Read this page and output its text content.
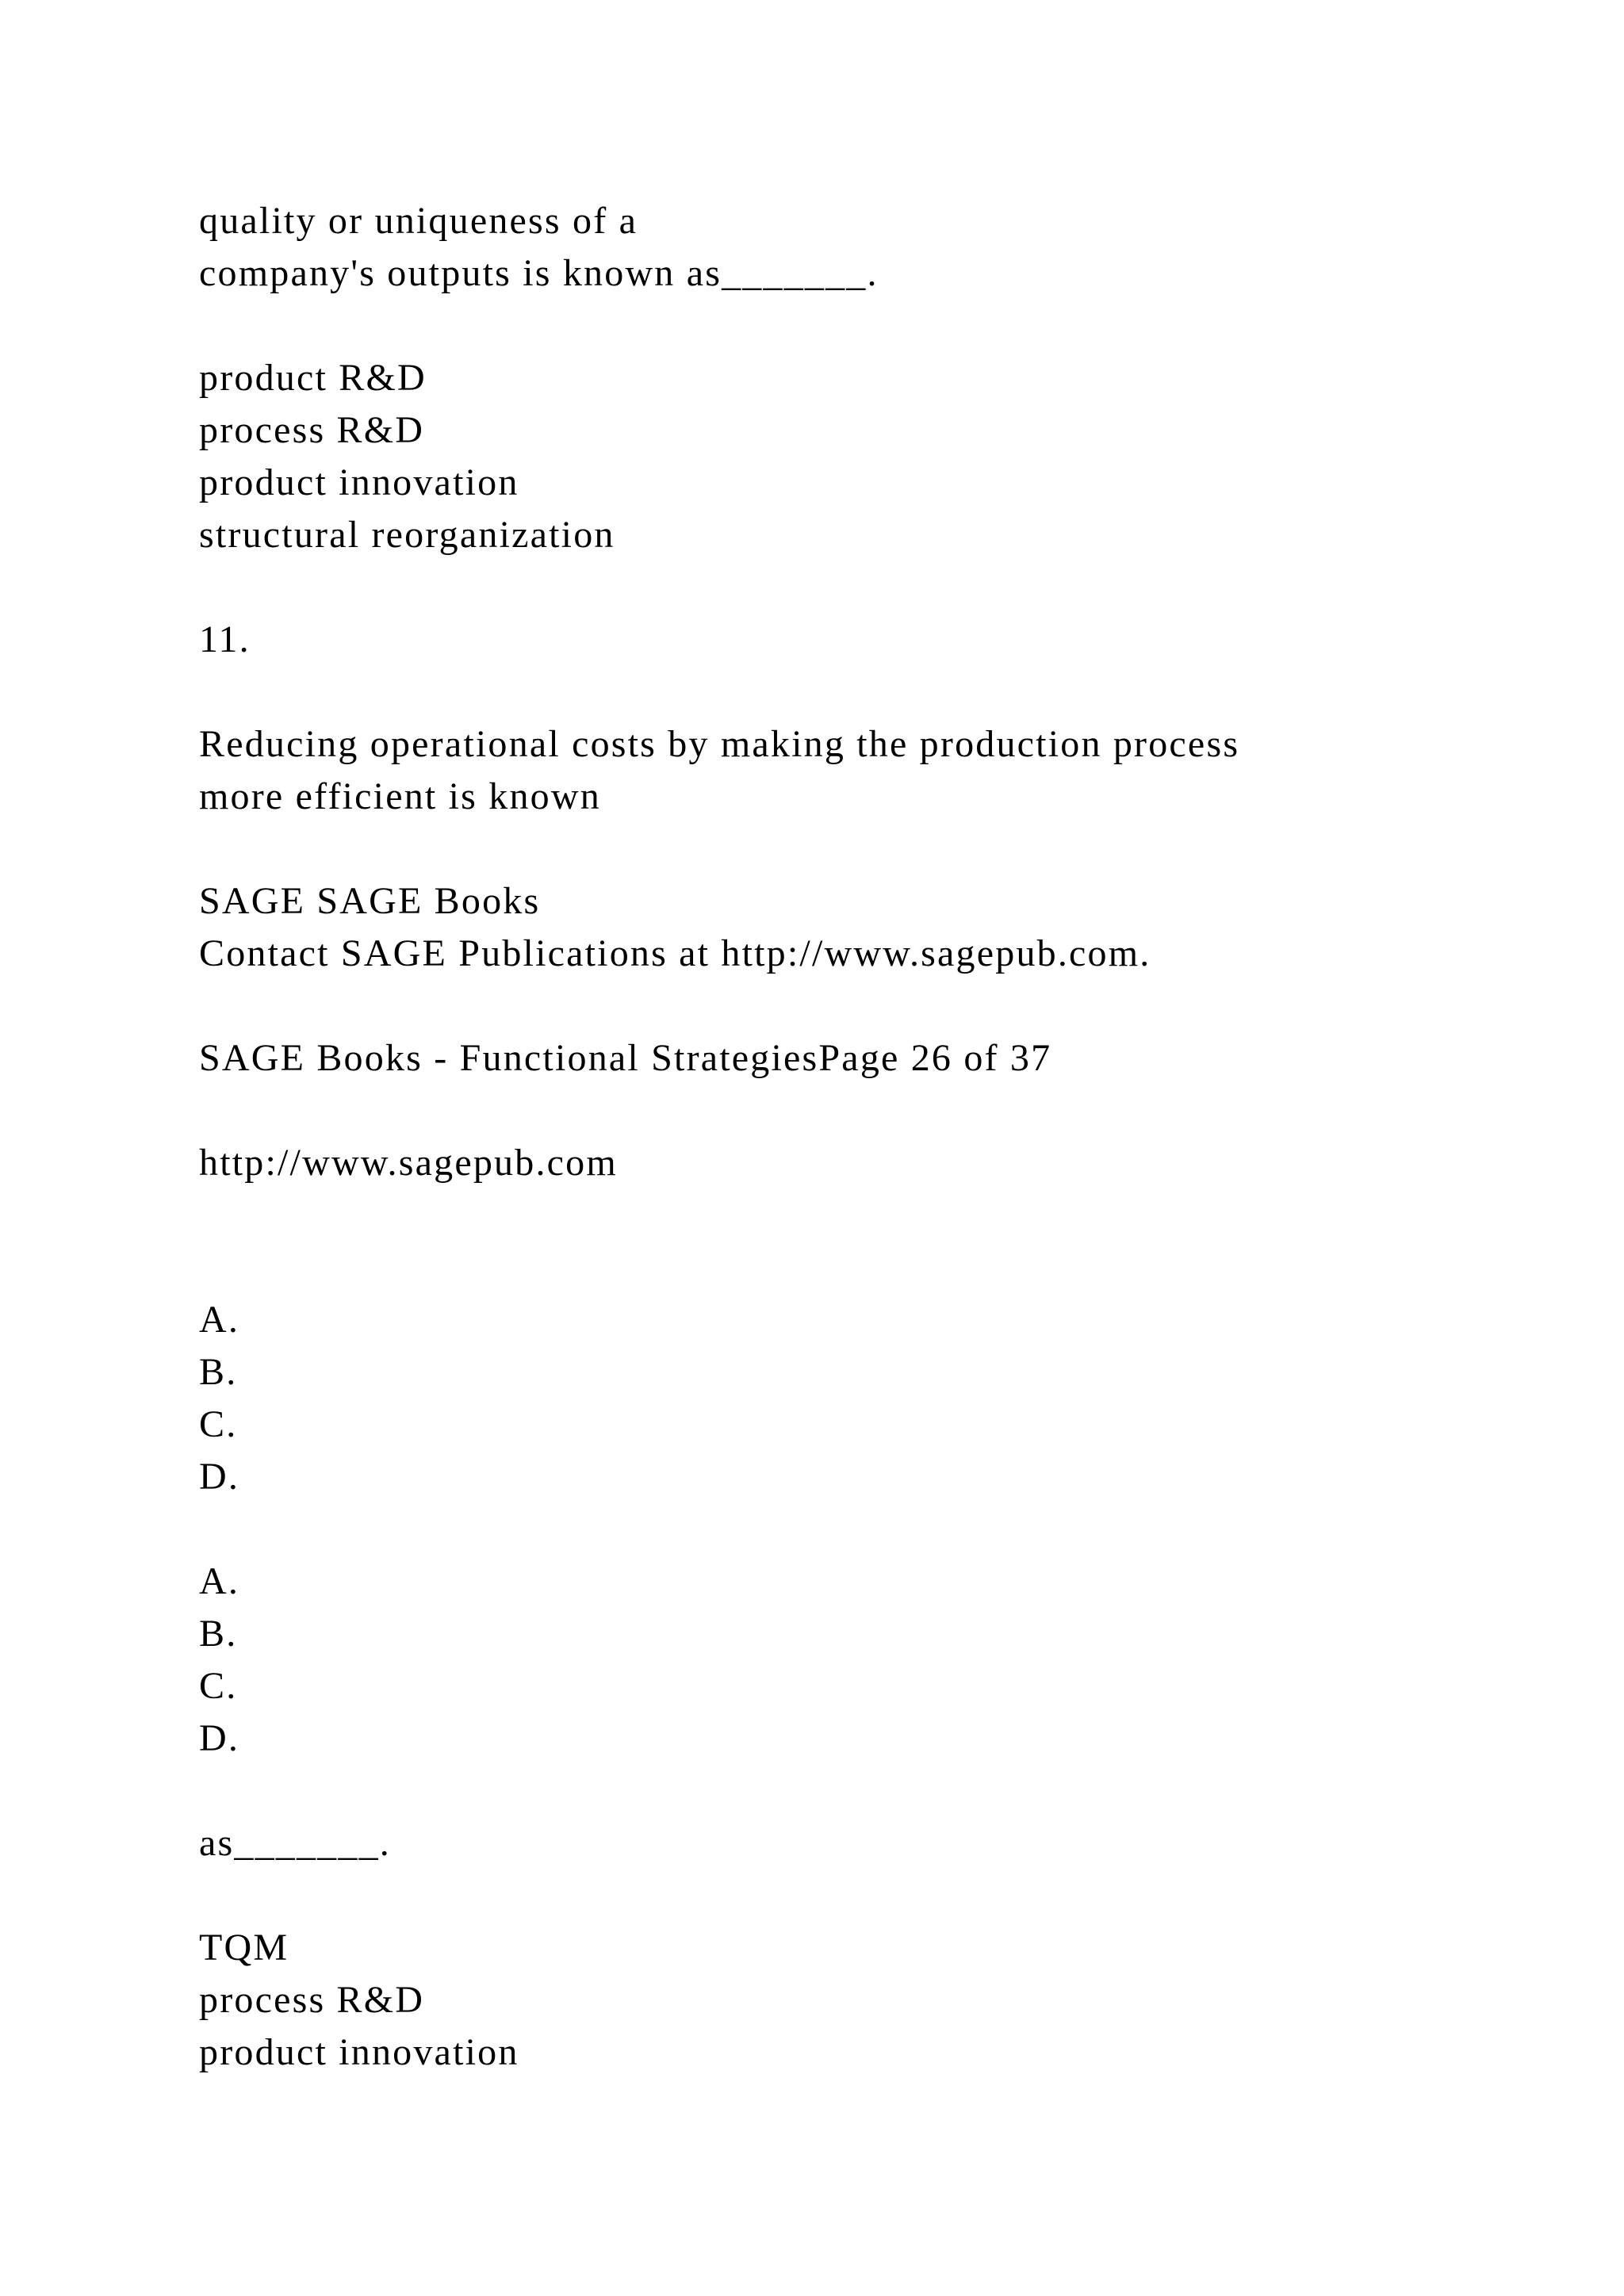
quality or uniqueness of a

company's outputs is known as_______.

product R&D

process R&D

product innovation

structural reorganization

11.

Reducing operational costs by making the production process

more efficient is known

SAGE SAGE Books

Contact SAGE Publications at http://www.sagepub.com.

SAGE Books - Functional StrategiesPage 26 of 37

http://www.sagepub.com

A.

B.

C.

D.

A.

B.

C.

D.

as_______.

TQM

process R&D

product innovation
